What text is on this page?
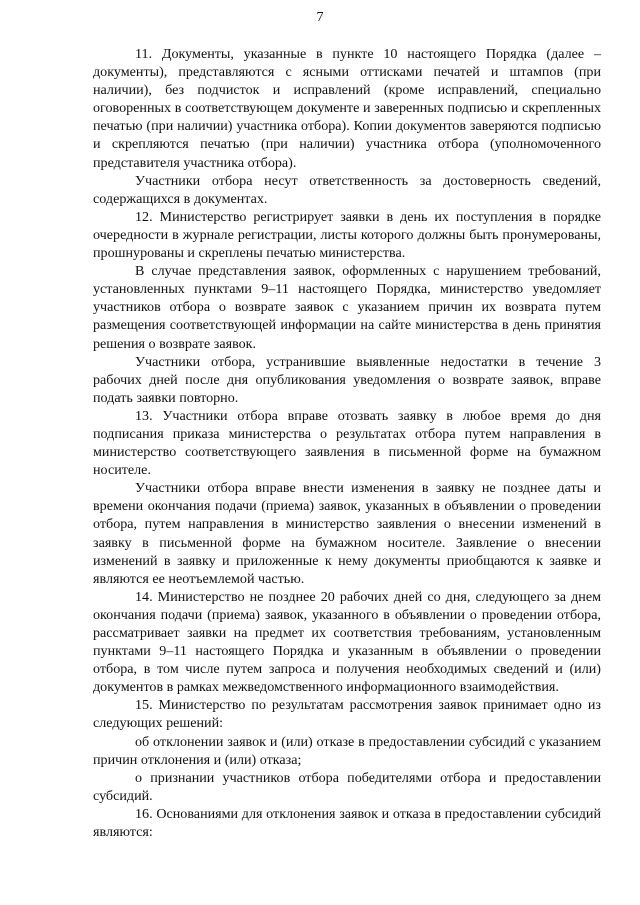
7

11. Документы, указанные в пункте 10 настоящего Порядка (далее – документы), представляются с ясными оттисками печатей и штампов (при наличии), без подчисток и исправлений (кроме исправлений, специально оговоренных в соответствующем документе и заверенных подписью и скрепленных печатью (при наличии) участника отбора). Копии документов заверяются подписью и скрепляются печатью (при наличии) участника отбора (уполномоченного представителя участника отбора).

Участники отбора несут ответственность за достоверность сведений, содержащихся в документах.

12. Министерство регистрирует заявки в день их поступления в порядке очередности в журнале регистрации, листы которого должны быть пронумерованы, прошнурованы и скреплены печатью министерства.

В случае представления заявок, оформленных с нарушением требований, установленных пунктами 9–11 настоящего Порядка, министерство уведомляет участников отбора о возврате заявок с указанием причин их возврата путем размещения соответствующей информации на сайте министерства в день принятия решения о возврате заявок.

Участники отбора, устранившие выявленные недостатки в течение 3 рабочих дней после дня опубликования уведомления о возврате заявок, вправе подать заявки повторно.

13. Участники отбора вправе отозвать заявку в любое время до дня подписания приказа министерства о результатах отбора путем направления в министерство соответствующего заявления в письменной форме на бумажном носителе.

Участники отбора вправе внести изменения в заявку не позднее даты и времени окончания подачи (приема) заявок, указанных в объявлении о проведении отбора, путем направления в министерство заявления о внесении изменений в заявку в письменной форме на бумажном носителе. Заявление о внесении изменений в заявку и приложенные к нему документы приобщаются к заявке и являются ее неотъемлемой частью.

14. Министерство не позднее 20 рабочих дней со дня, следующего за днем окончания подачи (приема) заявок, указанного в объявлении о проведении отбора, рассматривает заявки на предмет их соответствия требованиям, установленным пунктами 9–11 настоящего Порядка и указанным в объявлении о проведении отбора, в том числе путем запроса и получения необходимых сведений и (или) документов в рамках межведомственного информационного взаимодействия.

15. Министерство по результатам рассмотрения заявок принимает одно из следующих решений:

об отклонении заявок и (или) отказе в предоставлении субсидий с указанием причин отклонения и (или) отказа;

о признании участников отбора победителями отбора и предоставлении субсидий.

16. Основаниями для отклонения заявок и отказа в предоставлении субсидий являются:
